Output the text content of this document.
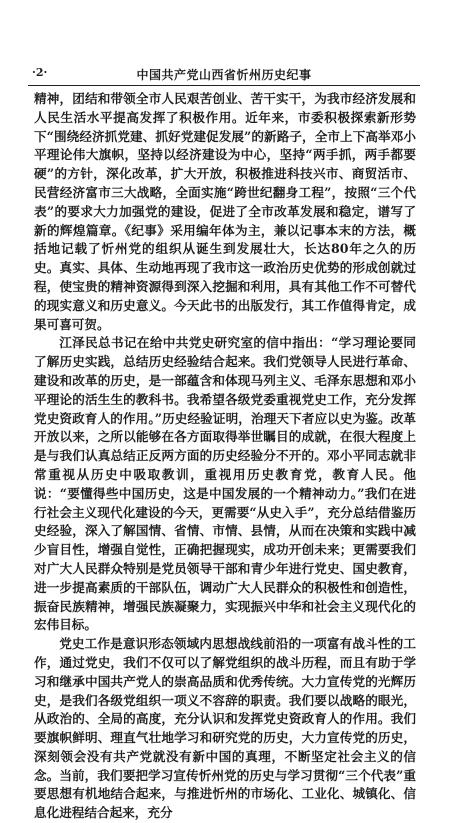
·2·	中国共产党山西省忻州历史纪事

精神，团结和带领全市人民艰苦创业、苦干实干，为我市经济发展和人民生活水平提高发挥了积极作用。近年来，市委积极探索新形势下“围绕经济抓党建、抓好党建促发展”的新路子，全市上下高举邓小平理论伟大旗帜，坚持以经济建设为中心，坚持“两手抓，两手都要硬”的方针，深化改革，扩大开放，积极推进科技兴市、商贸活市、民营经济富市三大战略，全面实施“跨世纪翻身工程”，按照“三个代表”的要求大力加强党的建设，促进了全市改革发展和稳定，谱写了新的辉煌篇章。《纪事》采用编年体为主，兼以记事本末的方法，概括地记载了忻州党的组织从诞生到发展壮大，长达80年之久的历史。真实、具体、生动地再现了我市这一政治历史优势的形成创就过程，使宝贵的精神资源得到深入挖掘和利用，具有其他工作不可替代的现实意义和历史意义。今天此书的出版发行，其工作值得肯定，成果可喜可贺。

江泽民总书记在给中共党史研究室的信中指出：“学习理论要同了解历史实践，总结历史经验结合起来。我们党领导人民进行革命、建设和改革的历史，是一部蕴含和体现马列主义、毛泽东思想和邓小平理论的活生生的教科书。我希望各级党委重视党史工作，充分发挥党史资政育人的作用。”历史经验证明，治理天下者应以史为鉴。改革开放以来，之所以能够在各方面取得举世瞩目的成就，在很大程度上是与我们认真总结正反两方面的历史经验分不开的。邓小平同志就非常重视从历史中吸取教训，重视用历史教育党，教育人民。他说：“要懂得些中国历史，这是中国发展的一个精神动力。”我们在进行社会主义现代化建设的今天，更需要“从史入手”，充分总结借鉴历史经验，深入了解国情、省情、市情、县情，从而在决策和实践中减少盲目性，增强自觉性，正确把握现实，成功开创未来；更需要我们对广大人民群众特别是党员领导干部和青少年进行党史、国史教育，进一步提高素质的干部队伍，调动广大人民群众的积极性和创造性，振奋民族精神，增强民族凝聚力，实现振兴中华和社会主义现代化的宏伟目标。

党史工作是意识形态领域内思想战线前沿的一项富有战斗性的工作，通过党史，我们不仅可以了解党组织的战斗历程，而且有助于学习和继承中国共产党人的崇高品质和优秀传统。大力宣传党的光辉历史，是我们各级党组织一项义不容辞的职责。我们要以战略的眼光，从政治的、全局的高度，充分认识和发挥党史资政育人的作用。我们要旗帜鲜明、理直气壮地学习和研究党的历史，大力宣传党的历史，深刻领会没有共产党就没有新中国的真理，不断坚定社会主义的信念。当前，我们要把学习宣传忻州党的历史与学习贯彻“三个代表”重要思想有机地结合起来，与推进忻州的市场化、工业化、城镇化、信息化进程结合起来，充分
